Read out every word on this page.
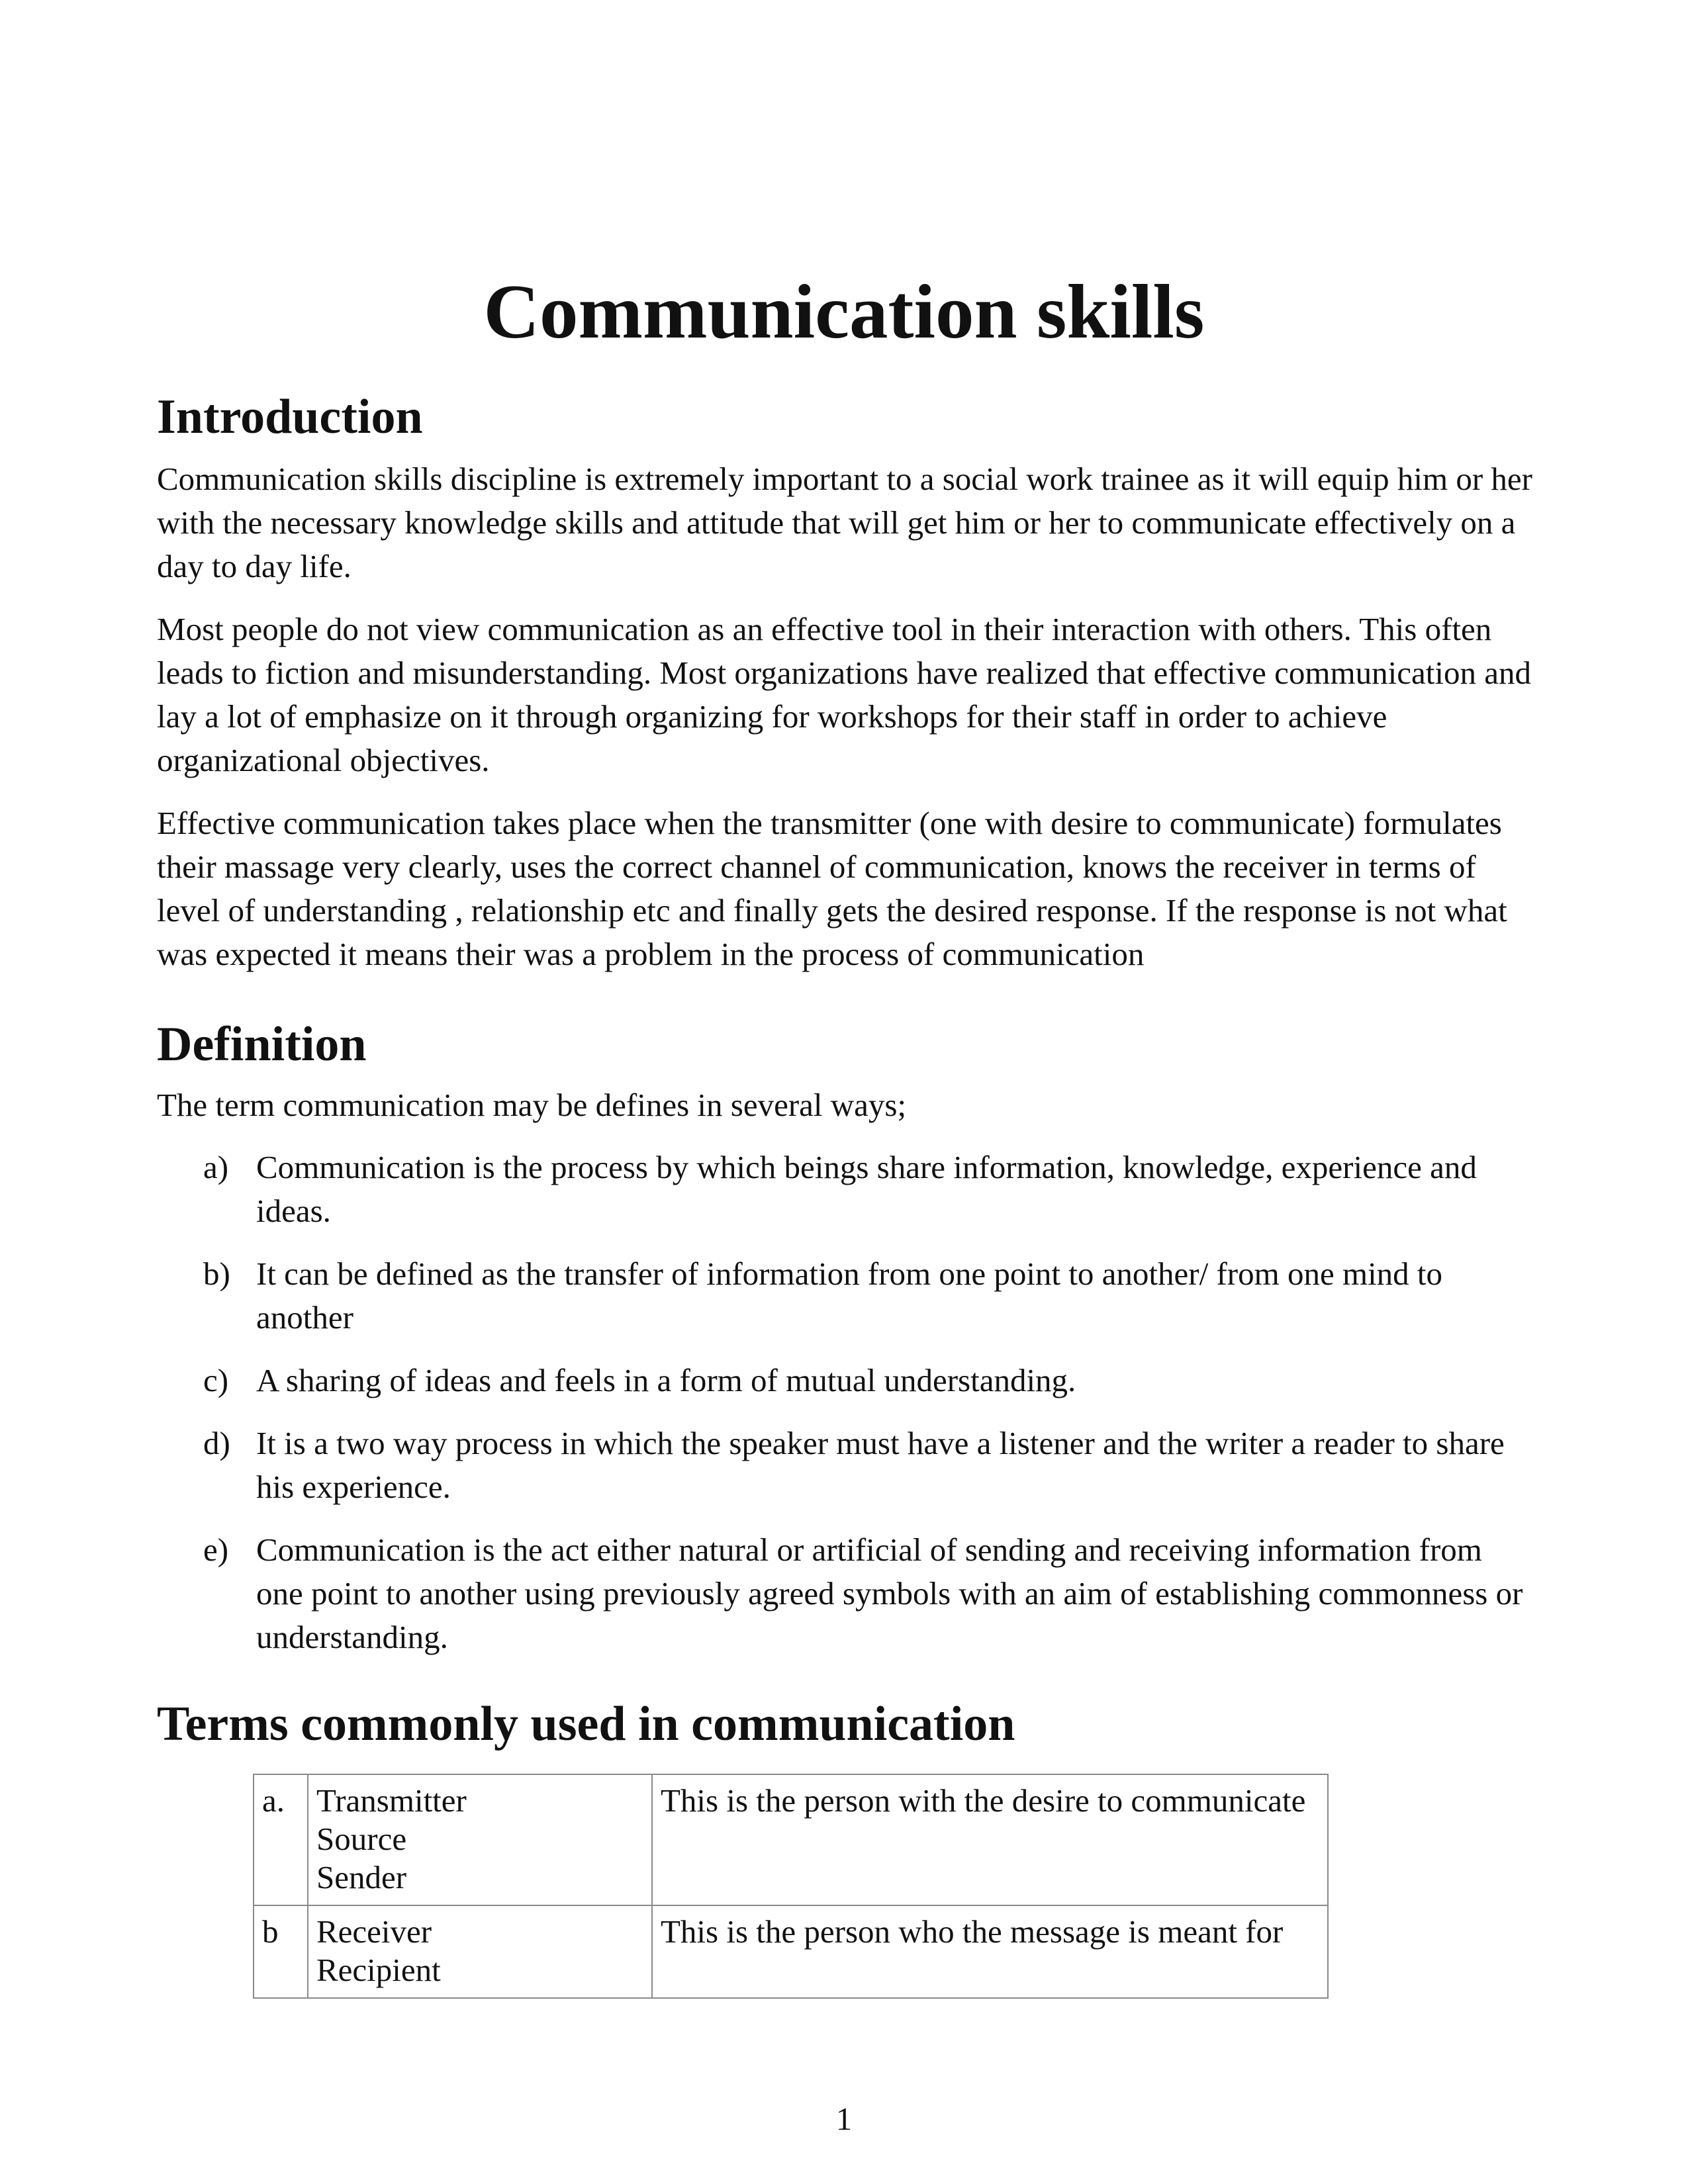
Communication skills
Introduction

Communication skills discipline is extremely important to a social work trainee as it will equip him or her with the necessary knowledge skills and attitude that will get him or her to communicate effectively on a day to day life.

Most people do not view communication as an effective tool in their interaction with others. This often leads to fiction and misunderstanding. Most organizations have realized that effective communication and lay a lot of emphasize on it through organizing for workshops for their staff in order to achieve organizational objectives.

Effective communication takes place when the transmitter (one with desire to communicate) formulates their massage very clearly, uses the correct channel of communication, knows the receiver in terms of level of understanding , relationship etc and finally gets the desired response. If the response is not what was expected it means their was a problem in the process of communication

Definition

The term communication may be defines in several ways;

a) Communication is the process by which beings share information, knowledge, experience and ideas.
b) It can be defined as the transfer of information from one point to another/ from one mind to another
c) A sharing of ideas and feels in a form of mutual understanding.
d) It is a two way process in which the speaker must have a listener and the writer a reader to share his experience.
e) Communication is the act either natural or artificial of sending and receiving information from one point to another using previously agreed symbols with an aim of establishing commonness or understanding.
Terms commonly used in communication
a.	Transmitter
Source
Sender	This is the person with the desire to communicate
b	Receiver
Recipient	This is the person who the message is meant for
1
